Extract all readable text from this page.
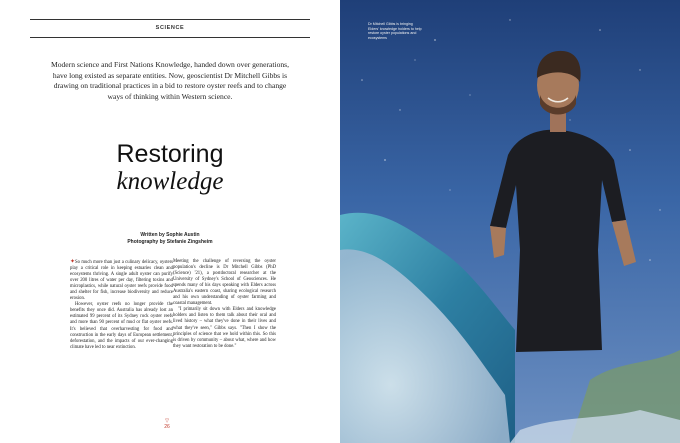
SCIENCE
Modern science and First Nations Knowledge, handed down over generations, have long existed as separate entities. Now, geoscientist Dr Mitchell Gibbs is drawing on traditional practices in a bid to restore oyster reefs and to change ways of thinking within Western science.
Restoring
knowledge
Written by Sophie Austin
Photography by Stefanie Zingsheim

✦So much more than just a culinary delicacy, oysters play a critical role in keeping estuaries clean and ecosystems thriving. A single adult oyster can purify over 200 litres of water per day, filtering toxins and microplastics, while natural oyster reefs provide food and shelter for fish, increase biodiversity and reduce erosion.

However, oyster reefs no longer provide the benefits they once did. Australia has already lost an estimated 99 percent of its Sydney rock oyster reefs and more than 90 percent of mud or flat oyster reefs. It's believed that overharvesting for food and construction in the early days of European settlement, deforestation, and the impacts of our ever-changing climate have led to near extinction.

Meeting the challenge of reversing the oyster population's decline is Dr Mitchell Gibbs (PhD (Science) '21), a postdoctoral researcher at the University of Sydney's School of Geosciences. He spends many of his days speaking with Elders across Australia's eastern coast, sharing ecological research and his own understanding of oyster farming and coastal management.

"I primarily sit down with Elders and knowledge holders and listen to them talk about their oral and lived history – what they've done in their lives and what they've seen," Gibbs says. "Then I show the principles of science that we hold within this. So this is driven by community – about what, where and how they want restoration to be done."

▽
26
Dr Mitchell Gibbs is bringing Elders' knowledge holders to help restore oyster populations and ecosystems
